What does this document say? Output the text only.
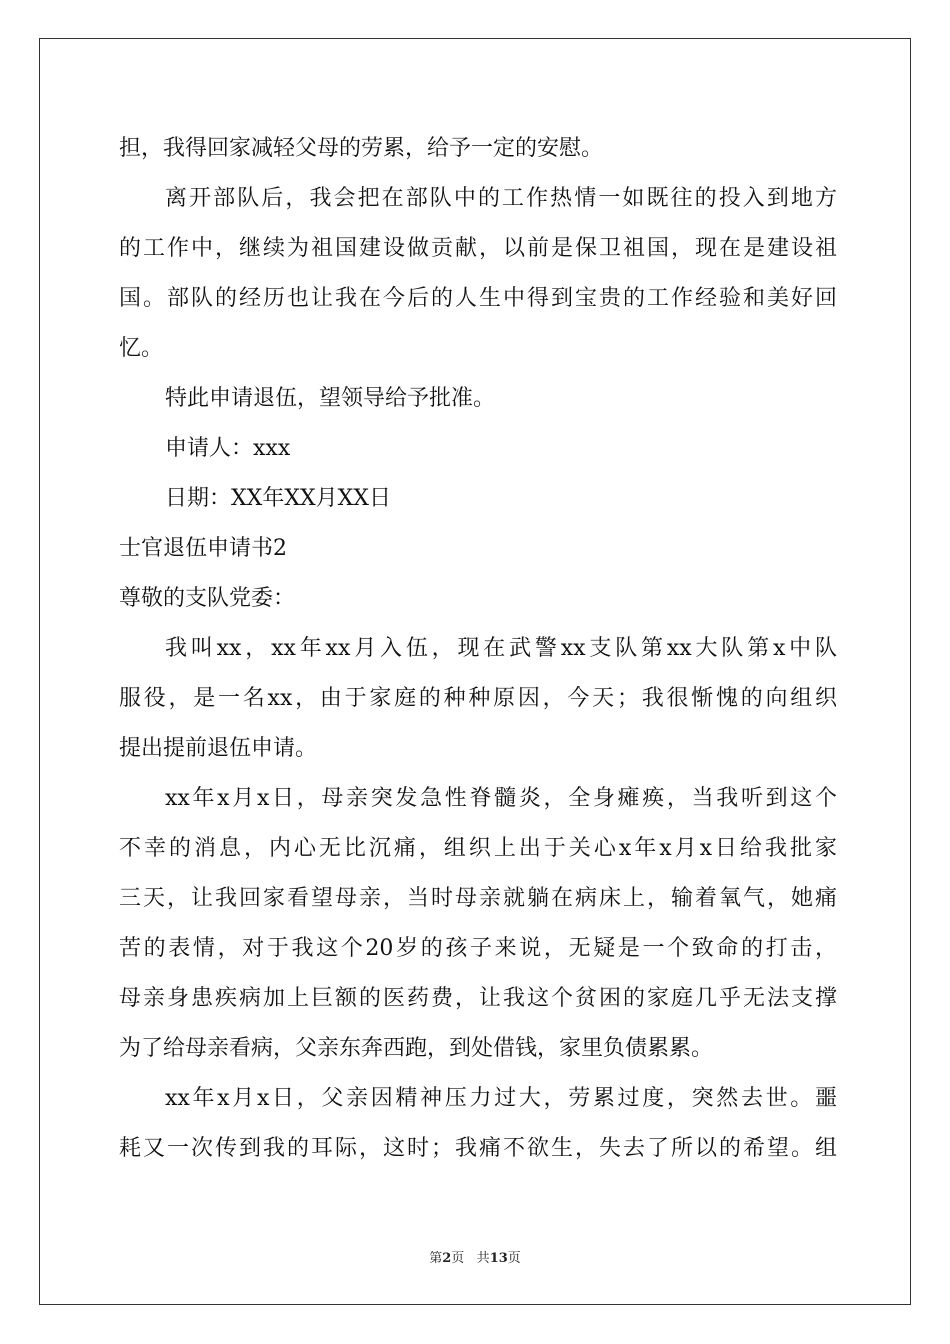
担，我得回家减轻父母的劳累，给予一定的安慰。
离开部队后，我会把在部队中的工作热情一如既往的投入到地方
的工作中，继续为祖国建设做贡献，以前是保卫祖国，现在是建设祖
国。部队的经历也让我在今后的人生中得到宝贵的工作经验和美好回
忆。
特此申请退伍，望领导给予批准。
申请人：xxx
日期：XX年XX月XX日
士官退伍申请书2
尊敬的支队党委：
我叫xx，xx年xx月入伍，现在武警xx支队第xx大队第x中队
服役，是一名xx，由于家庭的种种原因，今天；我很惭愧的向组织
提出提前退伍申请。
xx年x月x日，母亲突发急性脊髓炎，全身瘫痪，当我听到这个
不幸的消息，内心无比沉痛，组织上出于关心x年x月x日给我批家
三天，让我回家看望母亲，当时母亲就躺在病床上，输着氧气，她痛
苦的表情，对于我这个20岁的孩子来说，无疑是一个致命的打击，
母亲身患疾病加上巨额的医药费，让我这个贫困的家庭几乎无法支撑
为了给母亲看病，父亲东奔西跑，到处借钱，家里负债累累。
xx年x月x日，父亲因精神压力过大，劳累过度，突然去世。噩
耗又一次传到我的耳际，这时；我痛不欲生，失去了所以的希望。组
第2页 共13页
